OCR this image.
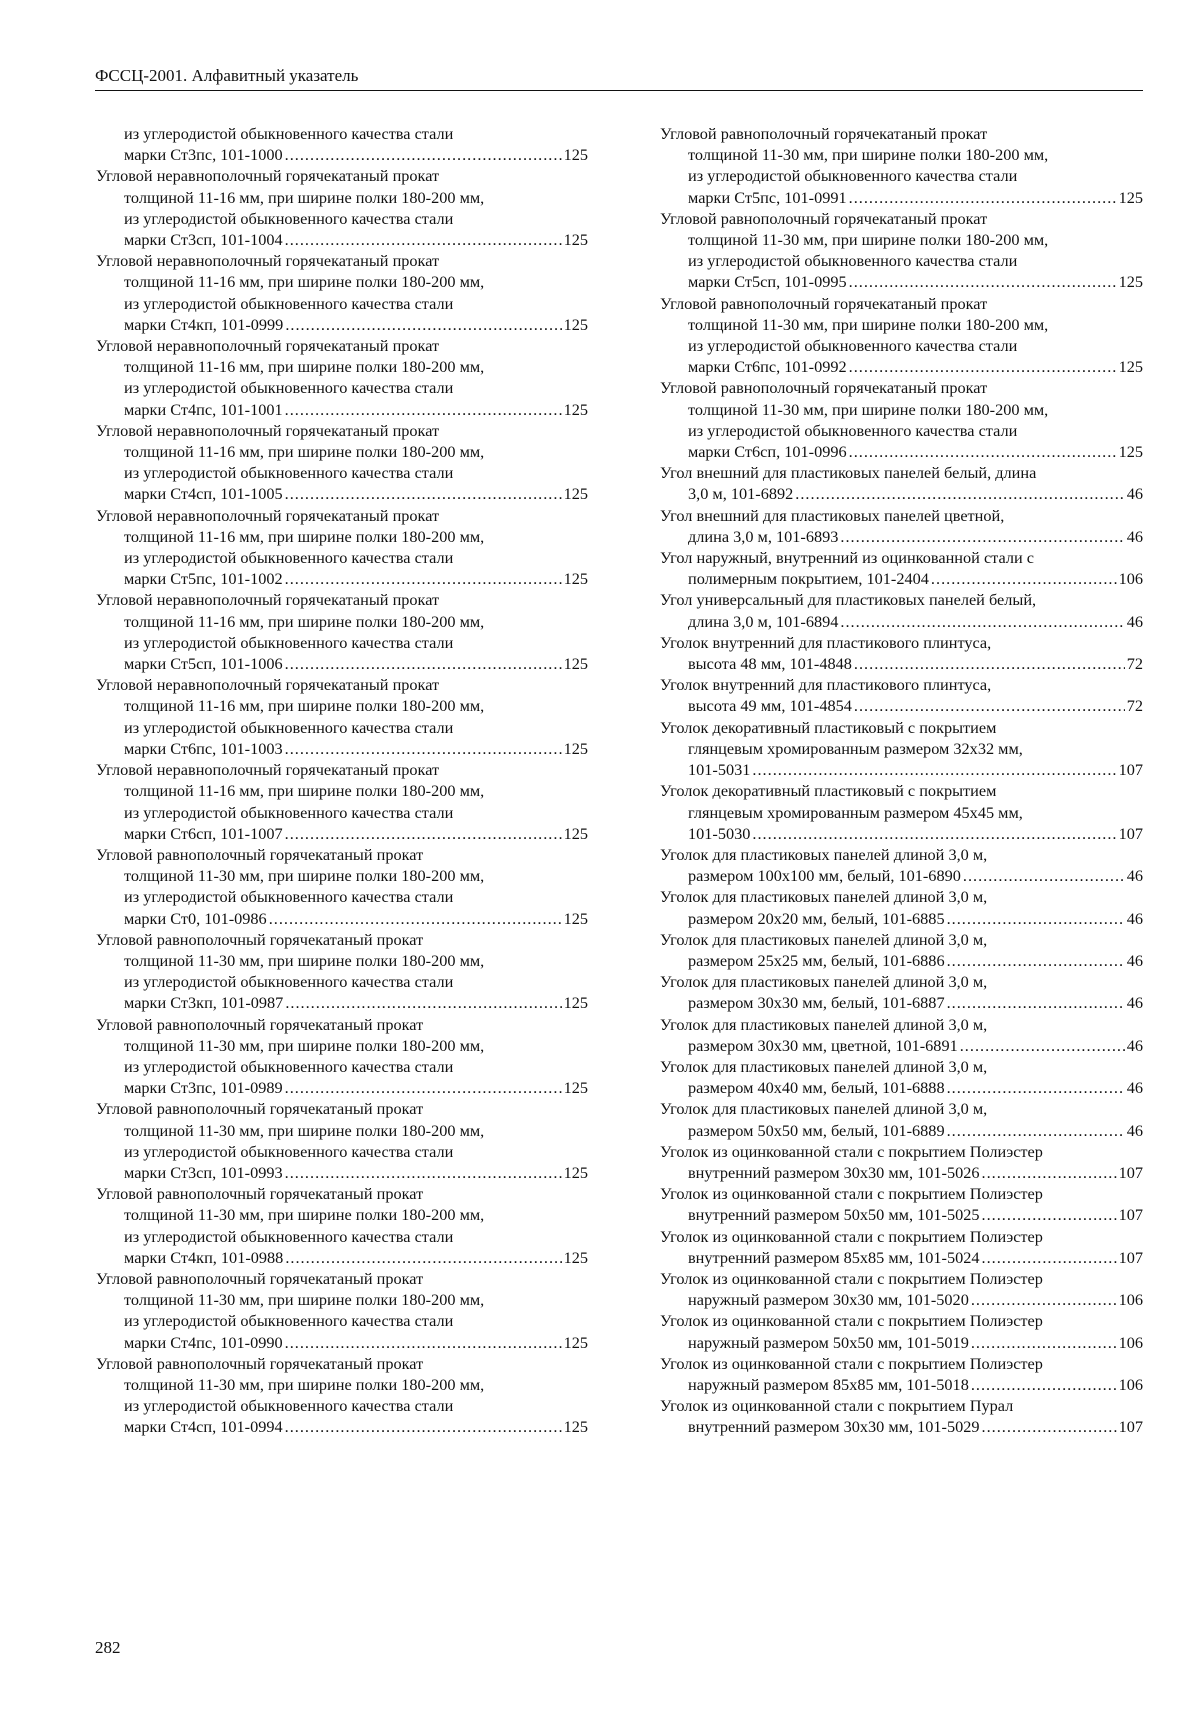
ФССЦ-2001. Алфавитный указатель
из углеродистой обыкновенного качества стали
марки Ст3пс, 101-1000 .....	125
Угловой неравнополочный горячекатаный прокат
толщиной 11-16 мм, при ширине полки 180-200 мм,
из углеродистой обыкновенного качества стали
марки Ст3сп, 101-1004 .....	125
Угловой неравнополочный горячекатаный прокат
толщиной 11-16 мм, при ширине полки 180-200 мм,
из углеродистой обыкновенного качества стали
марки Ст4кп, 101-0999 .....	125
Угловой неравнополочный горячекатаный прокат
толщиной 11-16 мм, при ширине полки 180-200 мм,
из углеродистой обыкновенного качества стали
марки Ст4пс, 101-1001 .....	125
Угловой неравнополочный горячекатаный прокат
толщиной 11-16 мм, при ширине полки 180-200 мм,
из углеродистой обыкновенного качества стали
марки Ст4сп, 101-1005 .....	125
Угловой неравнополочный горячекатаный прокат
толщиной 11-16 мм, при ширине полки 180-200 мм,
из углеродистой обыкновенного качества стали
марки Ст5пс, 101-1002 .....	125
Угловой неравнополочный горячекатаный прокат
толщиной 11-16 мм, при ширине полки 180-200 мм,
из углеродистой обыкновенного качества стали
марки Ст5сп, 101-1006 .....	125
Угловой неравнополочный горячекатаный прокат
толщиной 11-16 мм, при ширине полки 180-200 мм,
из углеродистой обыкновенного качества стали
марки Ст6пс, 101-1003 .....	125
Угловой неравнополочный горячекатаный прокат
толщиной 11-16 мм, при ширине полки 180-200 мм,
из углеродистой обыкновенного качества стали
марки Ст6сп, 101-1007 .....	125
Угловой равнополочный горячекатаный прокат
толщиной 11-30 мм, при ширине полки 180-200 мм,
из углеродистой обыкновенного качества стали
марки Ст0, 101-0986 .....	125
Угловой равнополочный горячекатаный прокат
толщиной 11-30 мм, при ширине полки 180-200 мм,
из углеродистой обыкновенного качества стали
марки Ст3кп, 101-0987 .....	125
Угловой равнополочный горячекатаный прокат
толщиной 11-30 мм, при ширине полки 180-200 мм,
из углеродистой обыкновенного качества стали
марки Ст3пс, 101-0989 .....	125
Угловой равнополочный горячекатаный прокат
толщиной 11-30 мм, при ширине полки 180-200 мм,
из углеродистой обыкновенного качества стали
марки Ст3сп, 101-0993 .....	125
Угловой равнополочный горячекатаный прокат
толщиной 11-30 мм, при ширине полки 180-200 мм,
из углеродистой обыкновенного качества стали
марки Ст4кп, 101-0988 .....	125
Угловой равнополочный горячекатаный прокат
толщиной 11-30 мм, при ширине полки 180-200 мм,
из углеродистой обыкновенного качества стали
марки Ст4пс, 101-0990 .....	125
Угловой равнополочный горячекатаный прокат
толщиной 11-30 мм, при ширине полки 180-200 мм,
из углеродистой обыкновенного качества стали
марки Ст4сп, 101-0994 .....	125
Угловой равнополочный горячекатаный прокат
толщиной 11-30 мм, при ширине полки 180-200 мм,
из углеродистой обыкновенного качества стали
марки Ст5пс, 101-0991 .....	125
Угловой равнополочный горячекатаный прокат
толщиной 11-30 мм, при ширине полки 180-200 мм,
из углеродистой обыкновенного качества стали
марки Ст5сп, 101-0995 .....	125
Угловой равнополочный горячекатаный прокат
толщиной 11-30 мм, при ширине полки 180-200 мм,
из углеродистой обыкновенного качества стали
марки Ст6пс, 101-0992 .....	125
Угловой равнополочный горячекатаный прокат
толщиной 11-30 мм, при ширине полки 180-200 мм,
из углеродистой обыкновенного качества стали
марки Ст6сп, 101-0996 .....	125
Угол внешний для пластиковых панелей белый, длина
3,0 м, 101-6892 .....	46
Угол внешний для пластиковых панелей цветной,
длина 3,0 м, 101-6893 .....	46
Угол наружный, внутренний из оцинкованной стали с
полимерным покрытием, 101-2404 .....	106
Угол универсальный для пластиковых панелей белый,
длина 3,0 м, 101-6894 .....	46
Уголок внутренний для пластикового плинтуса,
высота 48 мм, 101-4848 .....	72
Уголок внутренний для пластикового плинтуса,
высота 49 мм, 101-4854 .....	72
Уголок декоративный пластиковый с покрытием
глянцевым хромированным размером 32х32 мм,
101-5031 .....	107
Уголок декоративный пластиковый с покрытием
глянцевым хромированным размером 45х45 мм,
101-5030 .....	107
Уголок для пластиковых панелей длиной 3,0 м,
размером 100х100 мм, белый, 101-6890 .....	46
Уголок для пластиковых панелей длиной 3,0 м,
размером 20х20 мм, белый, 101-6885 .....	46
Уголок для пластиковых панелей длиной 3,0 м,
размером 25х25 мм, белый, 101-6886 .....	46
Уголок для пластиковых панелей длиной 3,0 м,
размером 30х30 мм, белый, 101-6887 .....	46
Уголок для пластиковых панелей длиной 3,0 м,
размером 30х30 мм, цветной, 101-6891 .....	46
Уголок для пластиковых панелей длиной 3,0 м,
размером 40х40 мм, белый, 101-6888 .....	46
Уголок для пластиковых панелей длиной 3,0 м,
размером 50х50 мм, белый, 101-6889 .....	46
Уголок из оцинкованной стали с покрытием Полиэстер
внутренний размером 30х30 мм, 101-5026 .....	107
Уголок из оцинкованной стали с покрытием Полиэстер
внутренний размером 50х50 мм, 101-5025 .....	107
Уголок из оцинкованной стали с покрытием Полиэстер
внутренний размером 85х85 мм, 101-5024 .....	107
Уголок из оцинкованной стали с покрытием Полиэстер
наружный размером 30х30 мм, 101-5020 .....	106
Уголок из оцинкованной стали с покрытием Полиэстер
наружный размером 50х50 мм, 101-5019 .....	106
Уголок из оцинкованной стали с покрытием Полиэстер
наружный размером 85х85 мм, 101-5018 .....	106
Уголок из оцинкованной стали с покрытием Пурал
внутренний размером 30х30 мм, 101-5029 .....	107
282
